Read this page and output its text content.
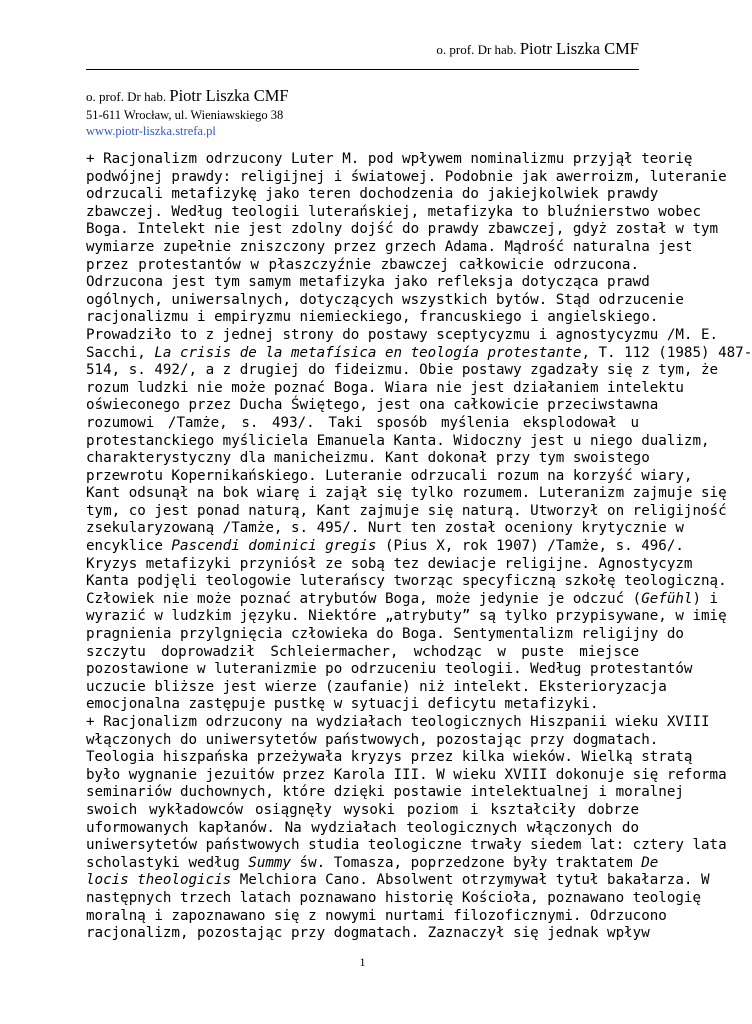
o. prof. Dr hab. Piotr Liszka CMF
o. prof. Dr hab. Piotr Liszka CMF
51-611 Wrocław, ul. Wieniawskiego 38
www.piotr-liszka.strefa.pl
+ Racjonalizm odrzucony Luter M. pod wpływem nominalizmu przyjął teorię
podwójnej prawdy: religijnej i światowej. Podobnie jak awerroizm, luteranie
odrzucali metafizykę jako teren dochodzenia do jakiejkolwiek prawdy
zbawczej. Według teologii luterańskiej, metafizyka to bluźnierstwo wobec
Boga. Intelekt nie jest zdolny dojść do prawdy zbawczej, gdyż został w tym
wymiarze zupełnie zniszczony przez grzech Adama. Mądrość naturalna jest
przez protestantów w płaszczyźnie zbawczej całkowicie odrzucona.
Odrzucona jest tym samym metafizyka jako refleksja dotycząca prawd
ogólnych, uniwersalnych, dotyczących wszystkich bytów. Stąd odrzucenie
racjonalizmu i empiryzmu niemieckiego, francuskiego i angielskiego.
Prowadziło to z jednej strony do postawy sceptycyzmu i agnostycyzmu /M. E.
Sacchi, La crisis de la metafísica en teología protestante, T. 112 (1985) 487-
514, s. 492/, a z drugiej do fideizmu. Obie postawy zgadzały się z tym, że
rozum ludzki nie może poznać Boga. Wiara nie jest działaniem intelektu
oświeconego przez Ducha Świętego, jest ona całkowicie przeciwstawna
rozumowi /Tamże, s. 493/. Taki sposób myślenia eksplodował u
protestanckiego myśliciela Emanuela Kanta. Widoczny jest u niego dualizm,
charakterystyczny dla manicheizmu. Kant dokonał przy tym swoistego
przewrotu Kopernikańskiego. Luteranie odrzucali rozum na korzyść wiary,
Kant odsunął na bok wiarę i zajął się tylko rozumem. Luteranizm zajmuje się
tym, co jest ponad naturą, Kant zajmuje się naturą. Utworzył on religijność
zsekularyzowaną /Tamże, s. 495/. Nurt ten został oceniony krytycznie w
encyklice Pascendi dominici gregis (Pius X, rok 1907) /Tamże, s. 496/.
Kryzys metafizyki przyniósł ze sobą tez dewiacje religijne. Agnostycyzm
Kanta podjęli teologowie luterańscy tworząc specyficzną szkołę teologiczną.
Człowiek nie może poznać atrybutów Boga, może jedynie je odczuć (Gefühl) i
wyrazić w ludzkim języku. Niektóre „atrybuty” są tylko przypisywane, w imię
pragnienia przylgnięcia człowieka do Boga. Sentymentalizm religijny do
szczytu doprowadził Schleiermacher, wchodząc w puste miejsce
pozostawione w luteranizmie po odrzuceniu teologii. Według protestantów
uczucie bliższe jest wierze (zaufanie) niż intelekt. Eksterioryzacja
emocjonalna zastępuje pustkę w sytuacji deficytu metafizyki.
+ Racjonalizm odrzucony na wydziałach teologicznych Hiszpanii wieku XVIII
włączonych do uniwersytetów państwowych, pozostając przy dogmatach.
Teologia hiszpańska przeżywała kryzys przez kilka wieków. Wielką stratą
było wygnanie jezuitów przez Karola III. W wieku XVIII dokonuje się reforma
seminariów duchownych, które dzięki postawie intelektualnej i moralnej
swoich wykładowców osiągnęły wysoki poziom i kształciły dobrze
uformowanych kapłanów. Na wydziałach teologicznych włączonych do
uniwersytetów państwowych studia teologiczne trwały siedem lat: cztery lata
scholastyki według Summy św. Tomasza, poprzedzone były traktatem De
locis theologicis Melchiora Cano. Absolwent otrzymywał tytuł bakałarza. W
następnych trzech latach poznawano historię Kościoła, poznawano teologię
moralną i zapoznawano się z nowymi nurtami filozoficznymi. Odrzucono
racjonalizm, pozostając przy dogmatach. Zaznaczył się jednak wpływ
1
